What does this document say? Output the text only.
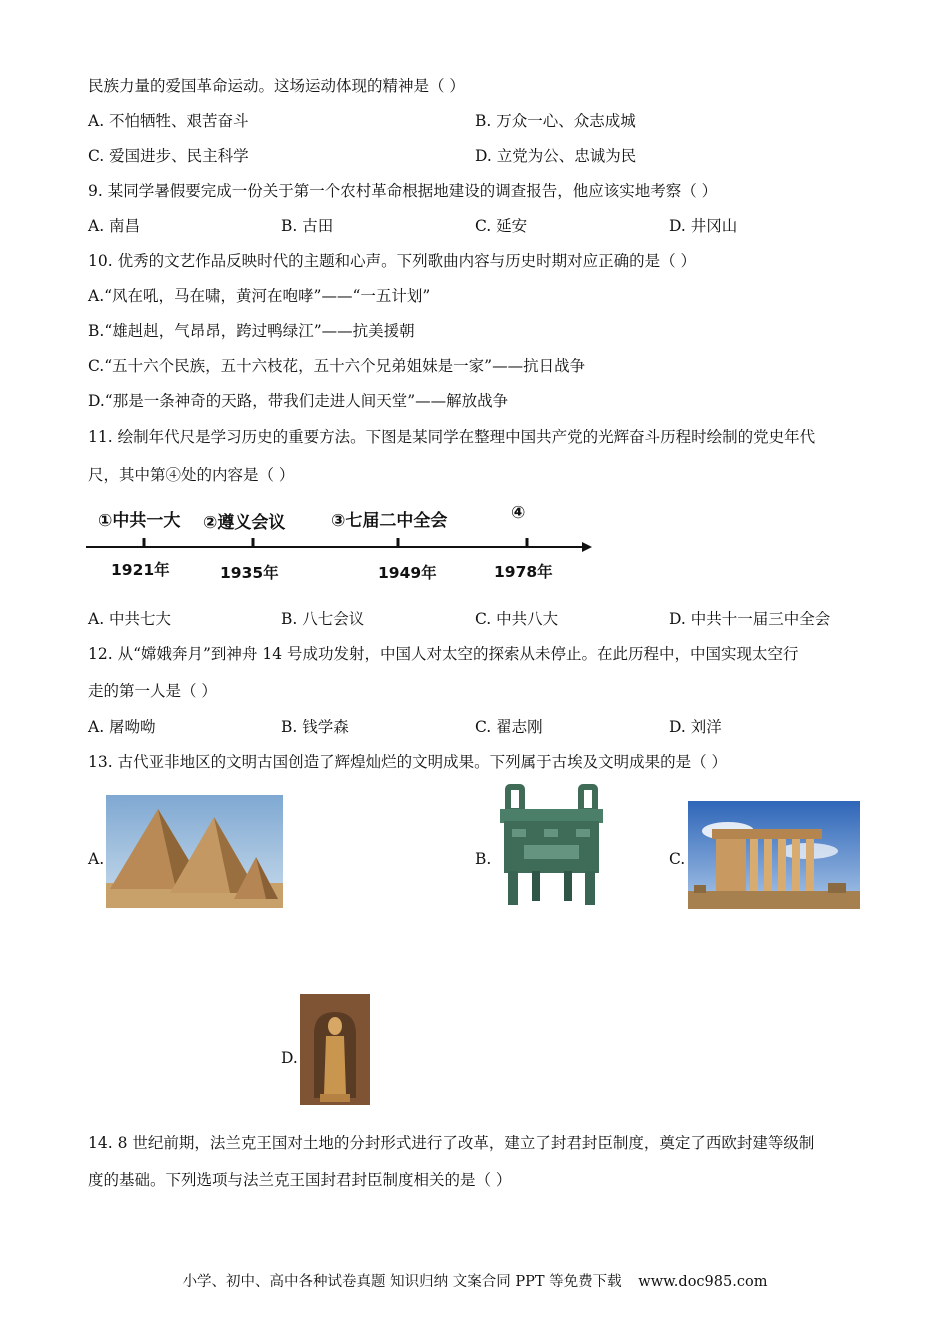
民族力量的爱国革命运动。这场运动体现的精神是（ ）
A. 不怕牺牲、艰苦奋斗	B. 万众一心、众志成城
C. 爱国进步、民主科学	D. 立党为公、忠诚为民
9. 某同学暑假要完成一份关于第一个农村革命根据地建设的调查报告，他应该实地考察（ ）
A. 南昌	B. 古田	C. 延安	D. 井冈山
10. 优秀的文艺作品反映时代的主题和心声。下列歌曲内容与历史时期对应正确的是（ ）
A.“风在吼，马在啸，黄河在咆哮”——“一五计划”
B.“雄赳赳，气昂昂，跨过鸭绿江”——抗美援朝
C.“五十六个民族，五十六枝花，五十六个兄弟姐妹是一家”——抗日战争
D.“那是一条神奇的天路，带我们走进人间天堂”——解放战争
11. 绘制年代尺是学习历史的重要方法。下图是某同学在整理中国共产党的光辉奋斗历程时绘制的党史年代
尺，其中第④处的内容是（ ）
①中共一大 ②遵义会议	③七届二中全会	④
1921年	1935年	1949年	1978年
A. 中共七大	B. 八七会议	C. 中共八大	D. 中共十一届三中全会
12. 从“嫦娥奔月”到神舟 14 号成功发射，中国人对太空的探索从未停止。在此历程中，中国实现太空行
走的第一人是（ ）
A. 屠呦呦	B. 钱学森	C. 翟志刚	D. 刘洋
13. 古代亚非地区的文明古国创造了辉煌灿烂的文明成果。下列属于古埃及文明成果的是（ ）
A.	B.	C.
D.
14. 8 世纪前期，法兰克王国对土地的分封形式进行了改革，建立了封君封臣制度，奠定了西欧封建等级制
度的基础。下列选项与法兰克王国封君封臣制度相关的是（ ）
小学、初中、高中各种试卷真题 知识归纳 文案合同 PPT 等免费下载 www.doc985.com
